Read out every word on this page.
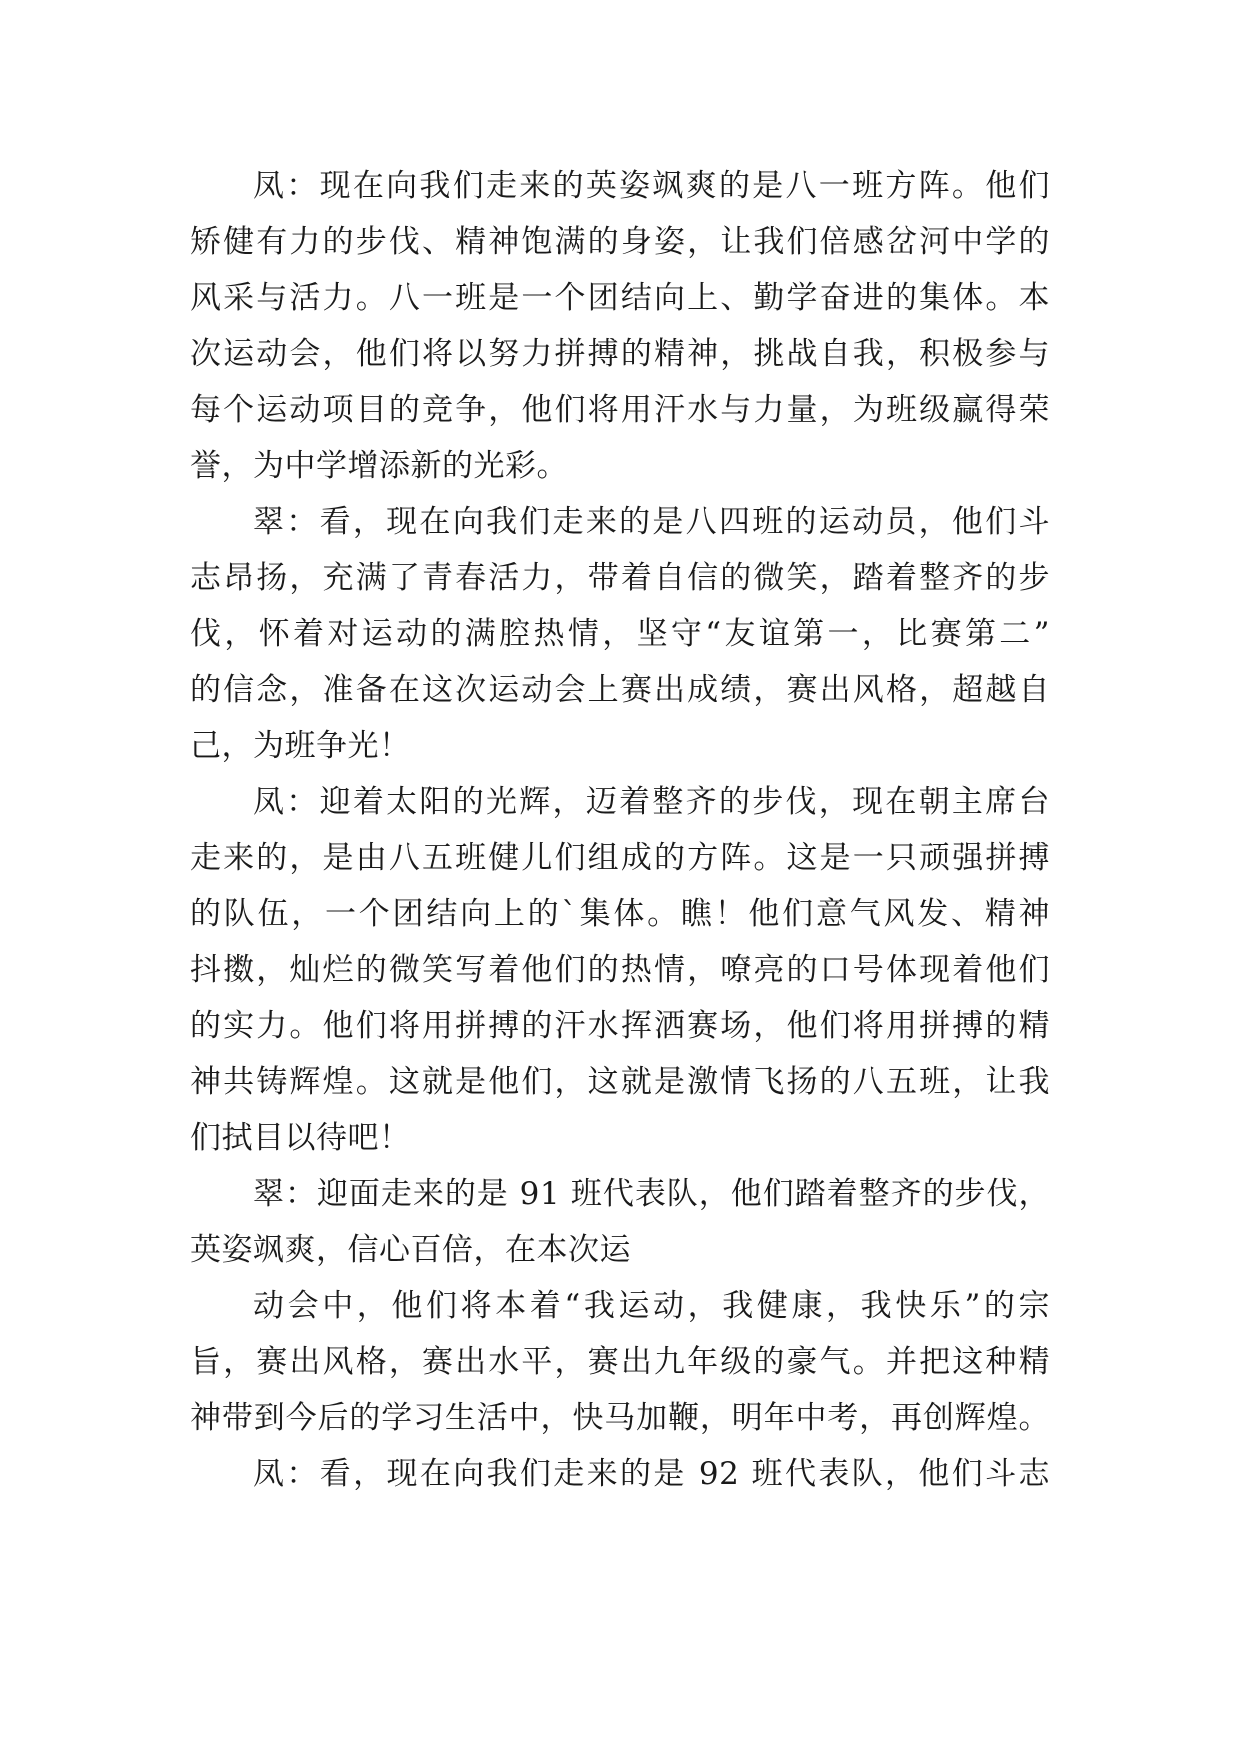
凤：现在向我们走来的英姿飒爽的是八一班方阵。他们
矫健有力的步伐、精神饱满的身姿，让我们倍感岔河中学的
风采与活力。八一班是一个团结向上、勤学奋进的集体。本
次运动会，他们将以努力拼搏的精神，挑战自我，积极参与
每个运动项目的竞争，他们将用汗水与力量，为班级赢得荣
誉，为中学增添新的光彩。
翠：看，现在向我们走来的是八四班的运动员，他们斗
志昂扬，充满了青春活力，带着自信的微笑，踏着整齐的步
伐，怀着对运动的满腔热情，坚守“友谊第一，比赛第二”
的信念，准备在这次运动会上赛出成绩，赛出风格，超越自
己，为班争光！
凤：迎着太阳的光辉，迈着整齐的步伐，现在朝主席台
走来的，是由八五班健儿们组成的方阵。这是一只顽强拼搏
的队伍，一个团结向上的`集体。瞧！他们意气风发、精神
抖擞，灿烂的微笑写着他们的热情，嘹亮的口号体现着他们
的实力。他们将用拼搏的汗水挥洒赛场，他们将用拼搏的精
神共铸辉煌。这就是他们，这就是激情飞扬的八五班，让我
们拭目以待吧！
翠：迎面走来的是 91 班代表队，他们踏着整齐的步伐，
英姿飒爽，信心百倍，在本次运
动会中，他们将本着“我运动，我健康，我快乐”的宗
旨，赛出风格，赛出水平，赛出九年级的豪气。并把这种精
神带到今后的学习生活中，快马加鞭，明年中考，再创辉煌。
凤：看，现在向我们走来的是 92 班代表队，他们斗志
